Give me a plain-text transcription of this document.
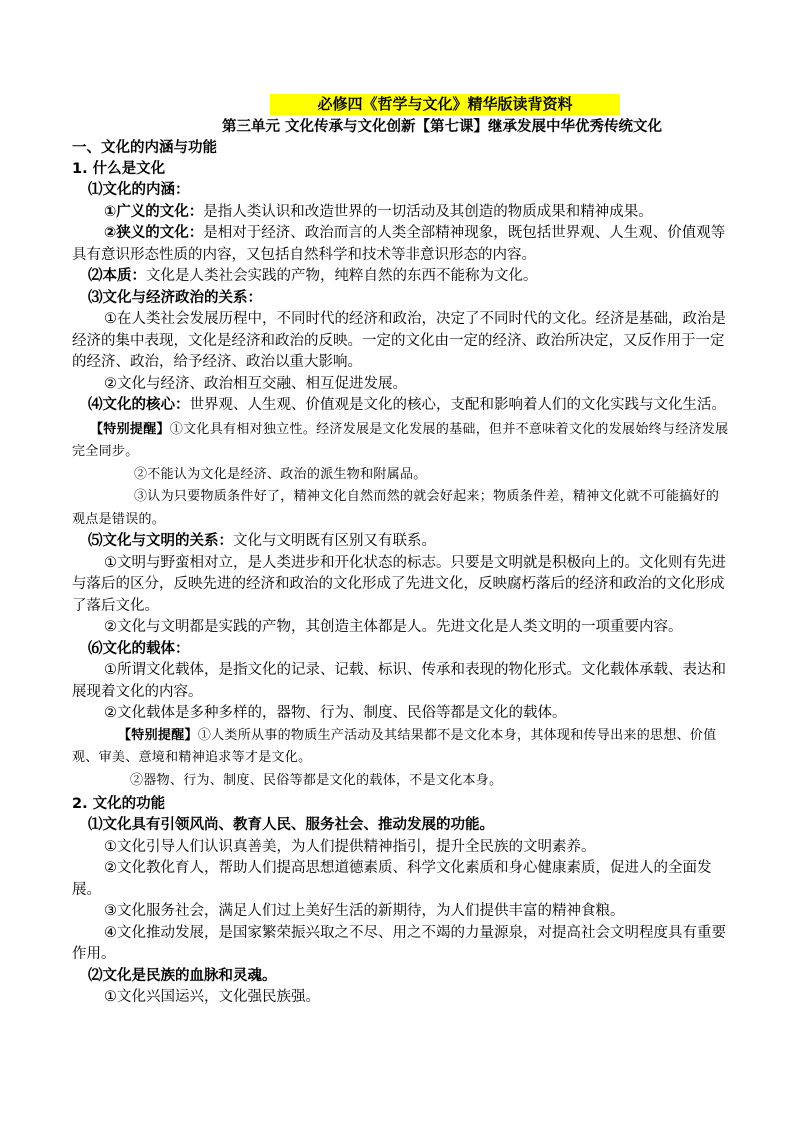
必修四《哲学与文化》精华版读背资料
第三单元 文化传承与文化创新【第七课】继承发展中华优秀传统文化
一、文化的内涵与功能
1. 什么是文化
⑴文化的内涵：
①广义的文化：是指人类认识和改造世界的一切活动及其创造的物质成果和精神成果。
②狭义的文化：是相对于经济、政治而言的人类全部精神现象，既包括世界观、人生观、价值观等具有意识形态性质的内容，又包括自然科学和技术等非意识形态的内容。
⑵本质：文化是人类社会实践的产物，纯粹自然的东西不能称为文化。
⑶文化与经济政治的关系：
①在人类社会发展历程中，不同时代的经济和政治，决定了不同时代的文化。经济是基础，政治是经济的集中表现，文化是经济和政治的反映。一定的文化由一定的经济、政治所决定，又反作用于一定的经济、政治，给予经济、政治以重大影响。
②文化与经济、政治相互交融、相互促进发展。
⑷文化的核心：世界观、人生观、价值观是文化的核心，支配和影响着人们的文化实践与文化生活。
【特别提醒】①文化具有相对独立性。经济发展是文化发展的基础，但并不意味着文化的发展始终与经济发展完全同步。
②不能认为文化是经济、政治的派生物和附属品。
③认为只要物质条件好了，精神文化自然而然的就会好起来；物质条件差，精神文化就不可能搞好的观点是错误的。
⑸文化与文明的关系：文化与文明既有区别又有联系。
①文明与野蛮相对立，是人类进步和开化状态的标志。只要是文明就是积极向上的。文化则有先进与落后的区分，反映先进的经济和政治的文化形成了先进文化，反映腐朽落后的经济和政治的文化形成了落后文化。
②文化与文明都是实践的产物，其创造主体都是人。先进文化是人类文明的一项重要内容。
⑹文化的载体：
①所谓文化载体，是指文化的记录、记载、标识、传承和表现的物化形式。文化载体承载、表达和展现着文化的内容。
②文化载体是多种多样的，器物、行为、制度、民俗等都是文化的载体。
【特别提醒】①人类所从事的物质生产活动及其结果都不是文化本身，其体现和传导出来的思想、价值观、审美、意境和精神追求等才是文化。
②器物、行为、制度、民俗等都是文化的载体，不是文化本身。
2. 文化的功能
⑴文化具有引领风尚、教育人民、服务社会、推动发展的功能。
①文化引导人们认识真善美，为人们提供精神指引，提升全民族的文明素养。
②文化教化育人，帮助人们提高思想道德素质、科学文化素质和身心健康素质，促进人的全面发展。
③文化服务社会，满足人们过上美好生活的新期待，为人们提供丰富的精神食粮。
④文化推动发展，是国家繁荣振兴取之不尽、用之不竭的力量源泉，对提高社会文明程度具有重要作用。
⑵文化是民族的血脉和灵魂。
①文化兴国运兴，文化强民族强。
